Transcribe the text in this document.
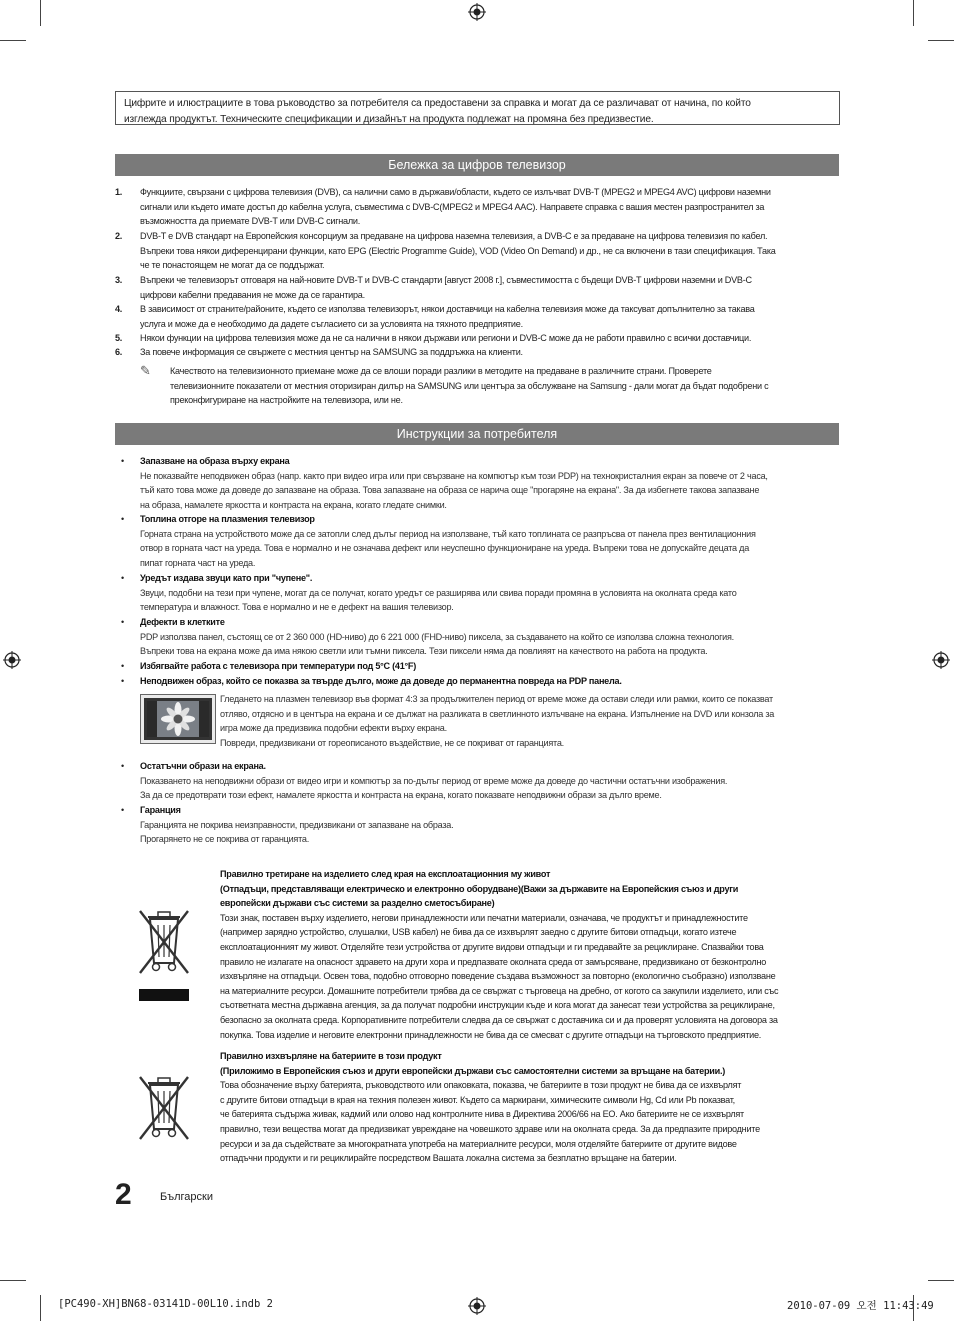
Цифрите и илюстрациите в това ръководство за потребителя са предоставени за справка и могат да се различават от начина, по който
изглежда продуктът. Техническите спецификации и дизайнът на продукта подлежат на промяна без предизвестие.
Бележка за цифров телевизор
1.	Функциите, свързани с цифрова телевизия (DVB), са налични само в държави/области, където се излъчват DVB-T (MPEG2 и MPEG4 AVC) цифрови наземни
сигнали или където имате достъп до кабелна услуга, съвместима с DVB-C(MPEG2 и MPEG4 AAC). Направете справка с вашия местен разпространител за
възможността да приемате DVB-T или DVB-C сигнали.
2.	DVB-T е DVB стандарт на Европейския консорциум за предаване на цифрова наземна телевизия, а DVB-C е за предаване на цифрова телевизия по кабел.
Въпреки това някои диференцирани функции, като EPG (Electric Programme Guide), VOD (Video On Demand) и др., не са включени в тази спецификация. Така
че те понастоящем не могат да се поддържат.
3.	Въпреки че телевизорът отговаря на най-новите DVB-T и DVB-C стандарти [август 2008 г.], съвместимостта с бъдещи DVB-T цифрови наземни и DVB-C
цифрови кабелни предавания не може да се гарантира.
4.	В зависимост от страните/районите, където се използва телевизорът, някои доставчици на кабелна телевизия може да таксуват допълнително за такава
услуга и може да е необходимо да дадете съгласието си за условията на тяхното предприятие.
5.	Някои функции на цифрова телевизия може да не са налични в някои държави или региони и DVB-C може да не работи правилно с всички доставчици.
6.	За повече информация се свържете с местния център на SAMSUNG за поддръжка на клиенти.
✎ Качеството на телевизионното приемане може да се влоши поради разлики в методите на предаване в различните страни. Проверете
телевизионните показатели от местния оторизиран дилър на SAMSUNG или центъра за обслужване на Samsung - дали могат да бъдат подобрени с
преконфигуриране на настройките на телевизора, или не.
Инструкции за потребителя
• Запазване на образа върху екрана
Не показвайте неподвижен образ (напр. както при видео игра или при свързване на компютър към този PDP) на технокристалния екран за повече от 2 часа,
тъй като това може да доведе до запазване на образа. Това запазване на образа се нарича още "прогаряне на екрана". За да избегнете такова запазване
на образа, намалете яркостта и контраста на екрана, когато гледате снимки.
• Топлина отгоре на плазмения телевизор
Горната страна на устройството може да се затопли след дълъг период на използване, тъй като топлината се разпръсва от панела през вентилационния
отвор в горната част на уреда. Това е нормално и не означава дефект или неуспешно функциониране на уреда. Въпреки това не допускайте децата да
пипат горната част на уреда.
• Уредът издава звуци като при "чупене".
Звуци, подобни на тези при чупене, могат да се получат, когато уредът се разширява или свива поради промяна в условията на околната среда като
температура и влажност. Това е нормално и не е дефект на вашия телевизор.
• Дефекти в клетките
PDP използва панел, състоящ се от 2 360 000 (HD-ниво) до 6 221 000 (FHD-ниво) пиксела, за създаването на който се използва сложна технология.
Въпреки това на екрана може да има някою светли или тъмни пиксела. Тези пиксели няма да повлияят на качеството на работа на продукта.
• Избягвайте работа с телевизора при температури под 5°C (41°F)
• Неподвижен образ, който се показва за твърде дълго, може да доведе до перманентна повреда на PDP панела.
Гледането на плазмен телевизор във формат 4:3 за продължителен период от време може да остави следи или рамки, които се показват
отляво, отдясно и в центъра на екрана и се дължат на разликата в светлинното излъчване на екрана. Изпълнение на DVD или конзола за
игра може да предизвика подобни ефекти върху екрана.
Повреди, предизвикани от гореописаното въздействие, не се покриват от гаранцията.
• Остатъчни образи на екрана.
Показването на неподвижни образи от видео игри и компютър за по-дълъг период от време може да доведе до частични остатъчни изображения.
За да се предотврати този ефект, намалете яркостта и контраста на екрана, когато показвате неподвижни образи за дълго време.
• Гаранция
Гаранцията не покрива неизправности, предизвикани от запазване на образа.
Прогарянето не се покрива от гаранцията.
Правилно третиране на изделието след края на експлоатационния му живот
(Отпадъци, представляващи електрическо и електронно оборудване)(Важи за държавите на Европейския съюз и други
европейски държави със системи за разделно сметосъбиране)
Този знак, поставен върху изделието, негови принадлежности или печатни материали, означава, че продуктът и принадлежностите
(например зарядно устройство, слушалки, USB кабел) не бива да се изхвърлят заедно с другите битови отпадъци, когато изтече
експлоатационният му живот. Отделяйте тези устройства от другите видови отпадъци и ги предавайте за рециклиране. Спазвайки това
правило не излагате на опасност здравето на други хора и предпазвате околната среда от замърсяване, предизвикано от безконтролно
изхвърляне на отпадъци. Освен това, подобно отговорно поведение създава възможност за повторно (екологично съобразно) използване
на материалните ресурси. Домашните потребители трябва да се свържат с търговеца на дребно, от когото са закупили изделието, или със
съответната местна държавна агенция, за да получат подробни инструкции къде и кога могат да занесат тези устройства за рециклиране,
безопасно за околната среда. Корпоративните потребители следва да се свържат с доставчика си и да проверят условията на договора за
покупка. Това изделие и неговите електронни принадлежности не бива да се смесват с другите отпадъци на търговското предприятие.
Правилно изхвърляне на батериите в този продукт
(Приложимо в Европейския съюз и други европейски държави със самостоятелни системи за връщане на батерии.)
Това обозначение върху батерията, ръководството или опаковката, показва, че батериите в този продукт не бива да се изхвърлят
с другите битови отпадъци в края на техния полезен живот. Където са маркирани, химическите символи Hg, Cd или Pb показват,
че батерията съдържа живак, кадмий или олово над контролните нива в Директива 2006/66 на ЕО. Ако батериите не се изхвърлят
правилно, тези вещества могат да предизвикат увреждане на човешкото здраве или на околната среда. За да предпазите природните
ресурси и за да съдействате за многократната употреба на материалните ресурси, моля отделяйте батериите от другите видове
отпадъчни продукти и ги рециклирайте посредством Вашата локална система за безплатно връщане на батерии.
2	Български
[PC490-XH]BN68-03141D-00L10.indb 2	2010-07-09 오전 11:43:49
